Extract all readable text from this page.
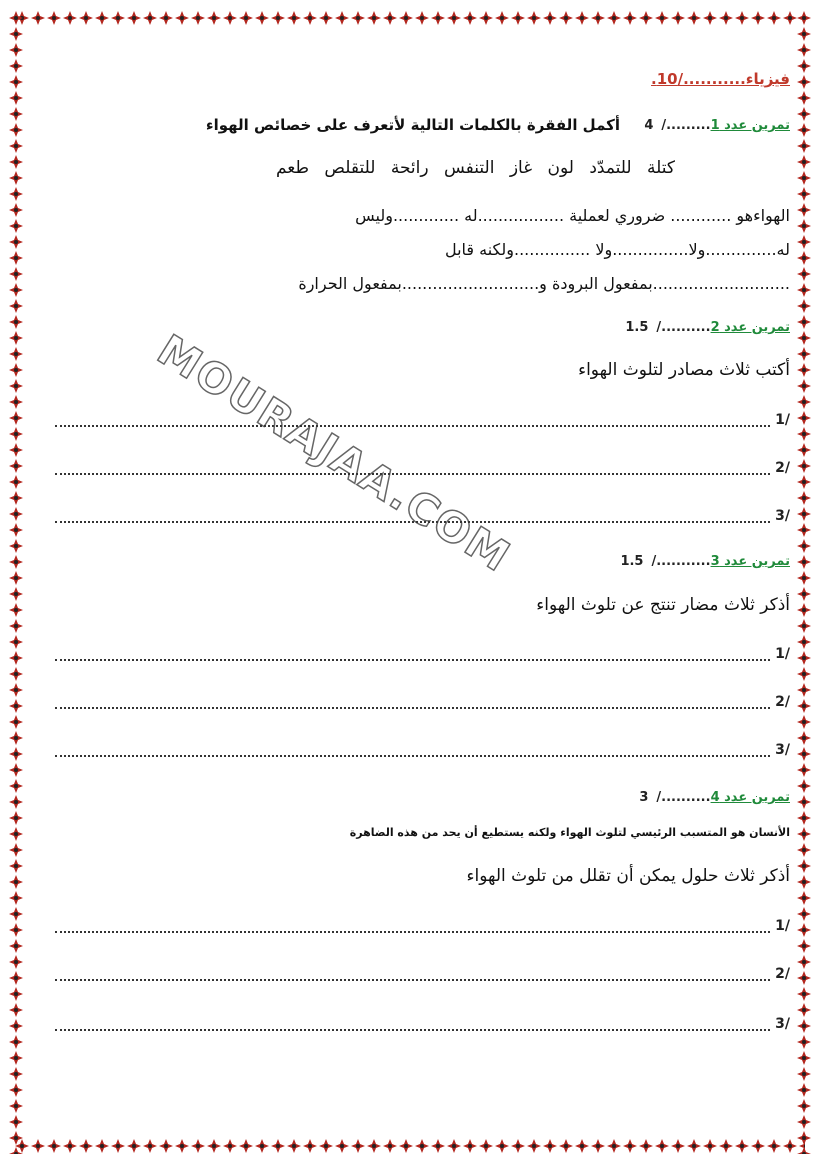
MOURAJAA.COM
فيزياء.........../10.
تمرين عدد 1........./4
أكمل الفقرة بالكلمات التالية لأتعرف على خصائص الهواء
كتلة للتمدّد لون غاز التنفس رائحة للتقلص طعم
الهواءهو ............ ضروري لعملية .................له .............وليس
له..............ولا...............ولا ...............ولكنه قابل
...........................بمفعول البرودة و...........................بمفعول الحرارة
تمرين عدد 2........../1.5
أكتب ثلاث مصادر لتلوث الهواء
/1
/2
/3
تمرين عدد 3.........../1.5
أذكر ثلاث مضار تنتج عن تلوث الهواء
/1
/2
/3
تمرين عدد 4........../3
الأنسان هو المتسبب الرئيسي لتلوث الهواء ولكنه يستطيع أن يحد من هذه الضاهرة
أذكر ثلاث حلول يمكن أن تقلل من تلوث الهواء
/1
/2
/3
